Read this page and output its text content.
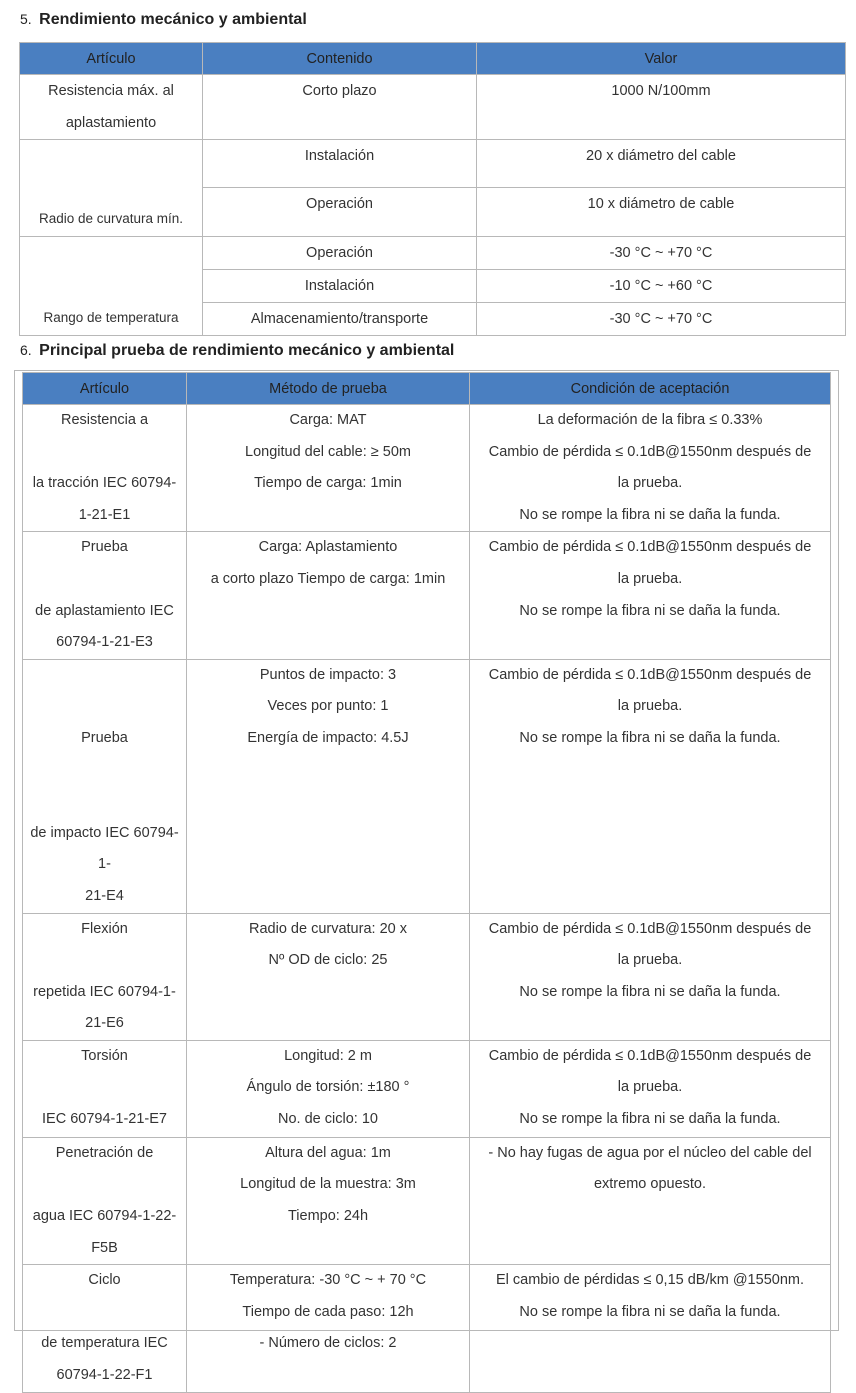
5. Rendimiento mecánico y ambiental
Artículo	Contenido	Valor

Resistencia máx. al
aplastamiento	Corto plazo	1000 N/100mm
Radio de curvatura mín.	Instalación	20 x diámetro del cable
	Operación	10 x diámetro de cable
Rango de temperatura	Operación	-30 °C ~ +70 °C
	Instalación	-10 °C ~ +60 °C
	Almacenamiento/transporte	-30 °C ~ +70 °C
6. Principal prueba de rendimiento mecánico y ambiental
Artículo	Método de prueba	Condición de aceptación

Resistencia a

la tracción IEC 60794-
1-21-E1	Carga: MAT
Longitud del cable: ≥ 50m
Tiempo de carga: 1min	La deformación de la fibra ≤ 0.33%
Cambio de pérdida ≤ 0.1dB@1550nm después de
la prueba.
No se rompe la fibra ni se daña la funda.

Prueba

de aplastamiento IEC
60794-1-21-E3	Carga: Aplastamiento
a corto plazo Tiempo de carga: 1min	Cambio de pérdida ≤ 0.1dB@1550nm después de
la prueba.
No se rompe la fibra ni se daña la funda.

Prueba

de impacto IEC 60794-1-
21-E4	Puntos de impacto: 3
Veces por punto: 1
Energía de impacto: 4.5J	Cambio de pérdida ≤ 0.1dB@1550nm después de
la prueba.
No se rompe la fibra ni se daña la funda.

Flexión

repetida IEC 60794-1-
21-E6	Radio de curvatura: 20 x
Nº OD de ciclo: 25	Cambio de pérdida ≤ 0.1dB@1550nm después de
la prueba.
No se rompe la fibra ni se daña la funda.

Torsión

IEC 60794-1-21-E7	Longitud: 2 m
Ángulo de torsión: ±180 °
No. de ciclo: 10	Cambio de pérdida ≤ 0.1dB@1550nm después de
la prueba.
No se rompe la fibra ni se daña la funda.

Penetración de

agua IEC 60794-1-22-
F5B	Altura del agua: 1m
Longitud de la muestra: 3m
Tiempo: 24h	- No hay fugas de agua por el núcleo del cable del
extremo opuesto.

Ciclo

de temperatura IEC
60794-1-22-F1	Temperatura: -30 °C ~ + 70 °C
Tiempo de cada paso: 12h
- Número de ciclos: 2	El cambio de pérdidas ≤ 0,15 dB/km @1550nm.
No se rompe la fibra ni se daña la funda.
